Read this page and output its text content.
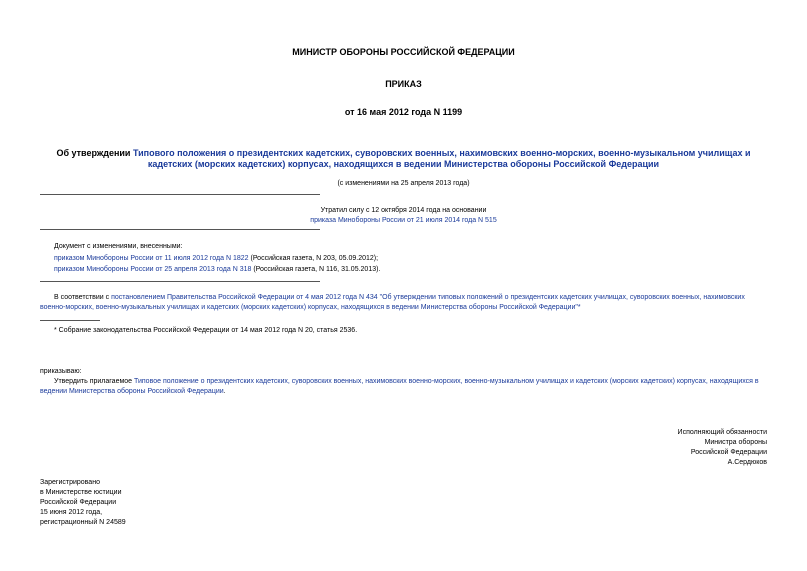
МИНИСТР ОБОРОНЫ РОССИЙСКОЙ ФЕДЕРАЦИИ
ПРИКАЗ
от 16 мая 2012 года N 1199
Об утверждении Типового положения о президентских кадетских, суворовских военных, нахимовских военно-морских, военно-музыкальном училищах и кадетских (морских кадетских) корпусах, находящихся в ведении Министерства обороны Российской Федерации
(с изменениями на 25 апреля 2013 года)
Утратил силу с 12 октября 2014 года на основании
приказа Минобороны России от 21 июля 2014 года N 515
Документ с изменениями, внесенными:
приказом Минобороны России от 11 июля 2012 года N 1822 (Российская газета, N 203, 05.09.2012);
приказом Минобороны России от 25 апреля 2013 года N 318 (Российская газета, N 116, 31.05.2013).
В соответствии с постановлением Правительства Российской Федерации от 4 мая 2012 года N 434 "Об утверждении типовых положений о президентских кадетских училищах, суворовских военных, нахимовских военно-морских, военно-музыкальных училищах и кадетских (морских кадетских) корпусах, находящихся в ведении Министерства обороны Российской Федерации"*
* Собрание законодательства Российской Федерации от 14 мая 2012 года N 20, статья 2536.
приказываю:
Утвердить прилагаемое Типовое положение о президентских кадетских, суворовских военных, нахимовских военно-морских, военно-музыкальном училищах и кадетских (морских кадетских) корпусах, находящихся в ведении Министерства обороны Российской Федерации.
Исполняющий обязанности
Министра обороны
Российской Федерации
А.Сердюков
Зарегистрировано
в Министерстве юстиции
Российской Федерации
15 июня 2012 года,
регистрационный N 24589
